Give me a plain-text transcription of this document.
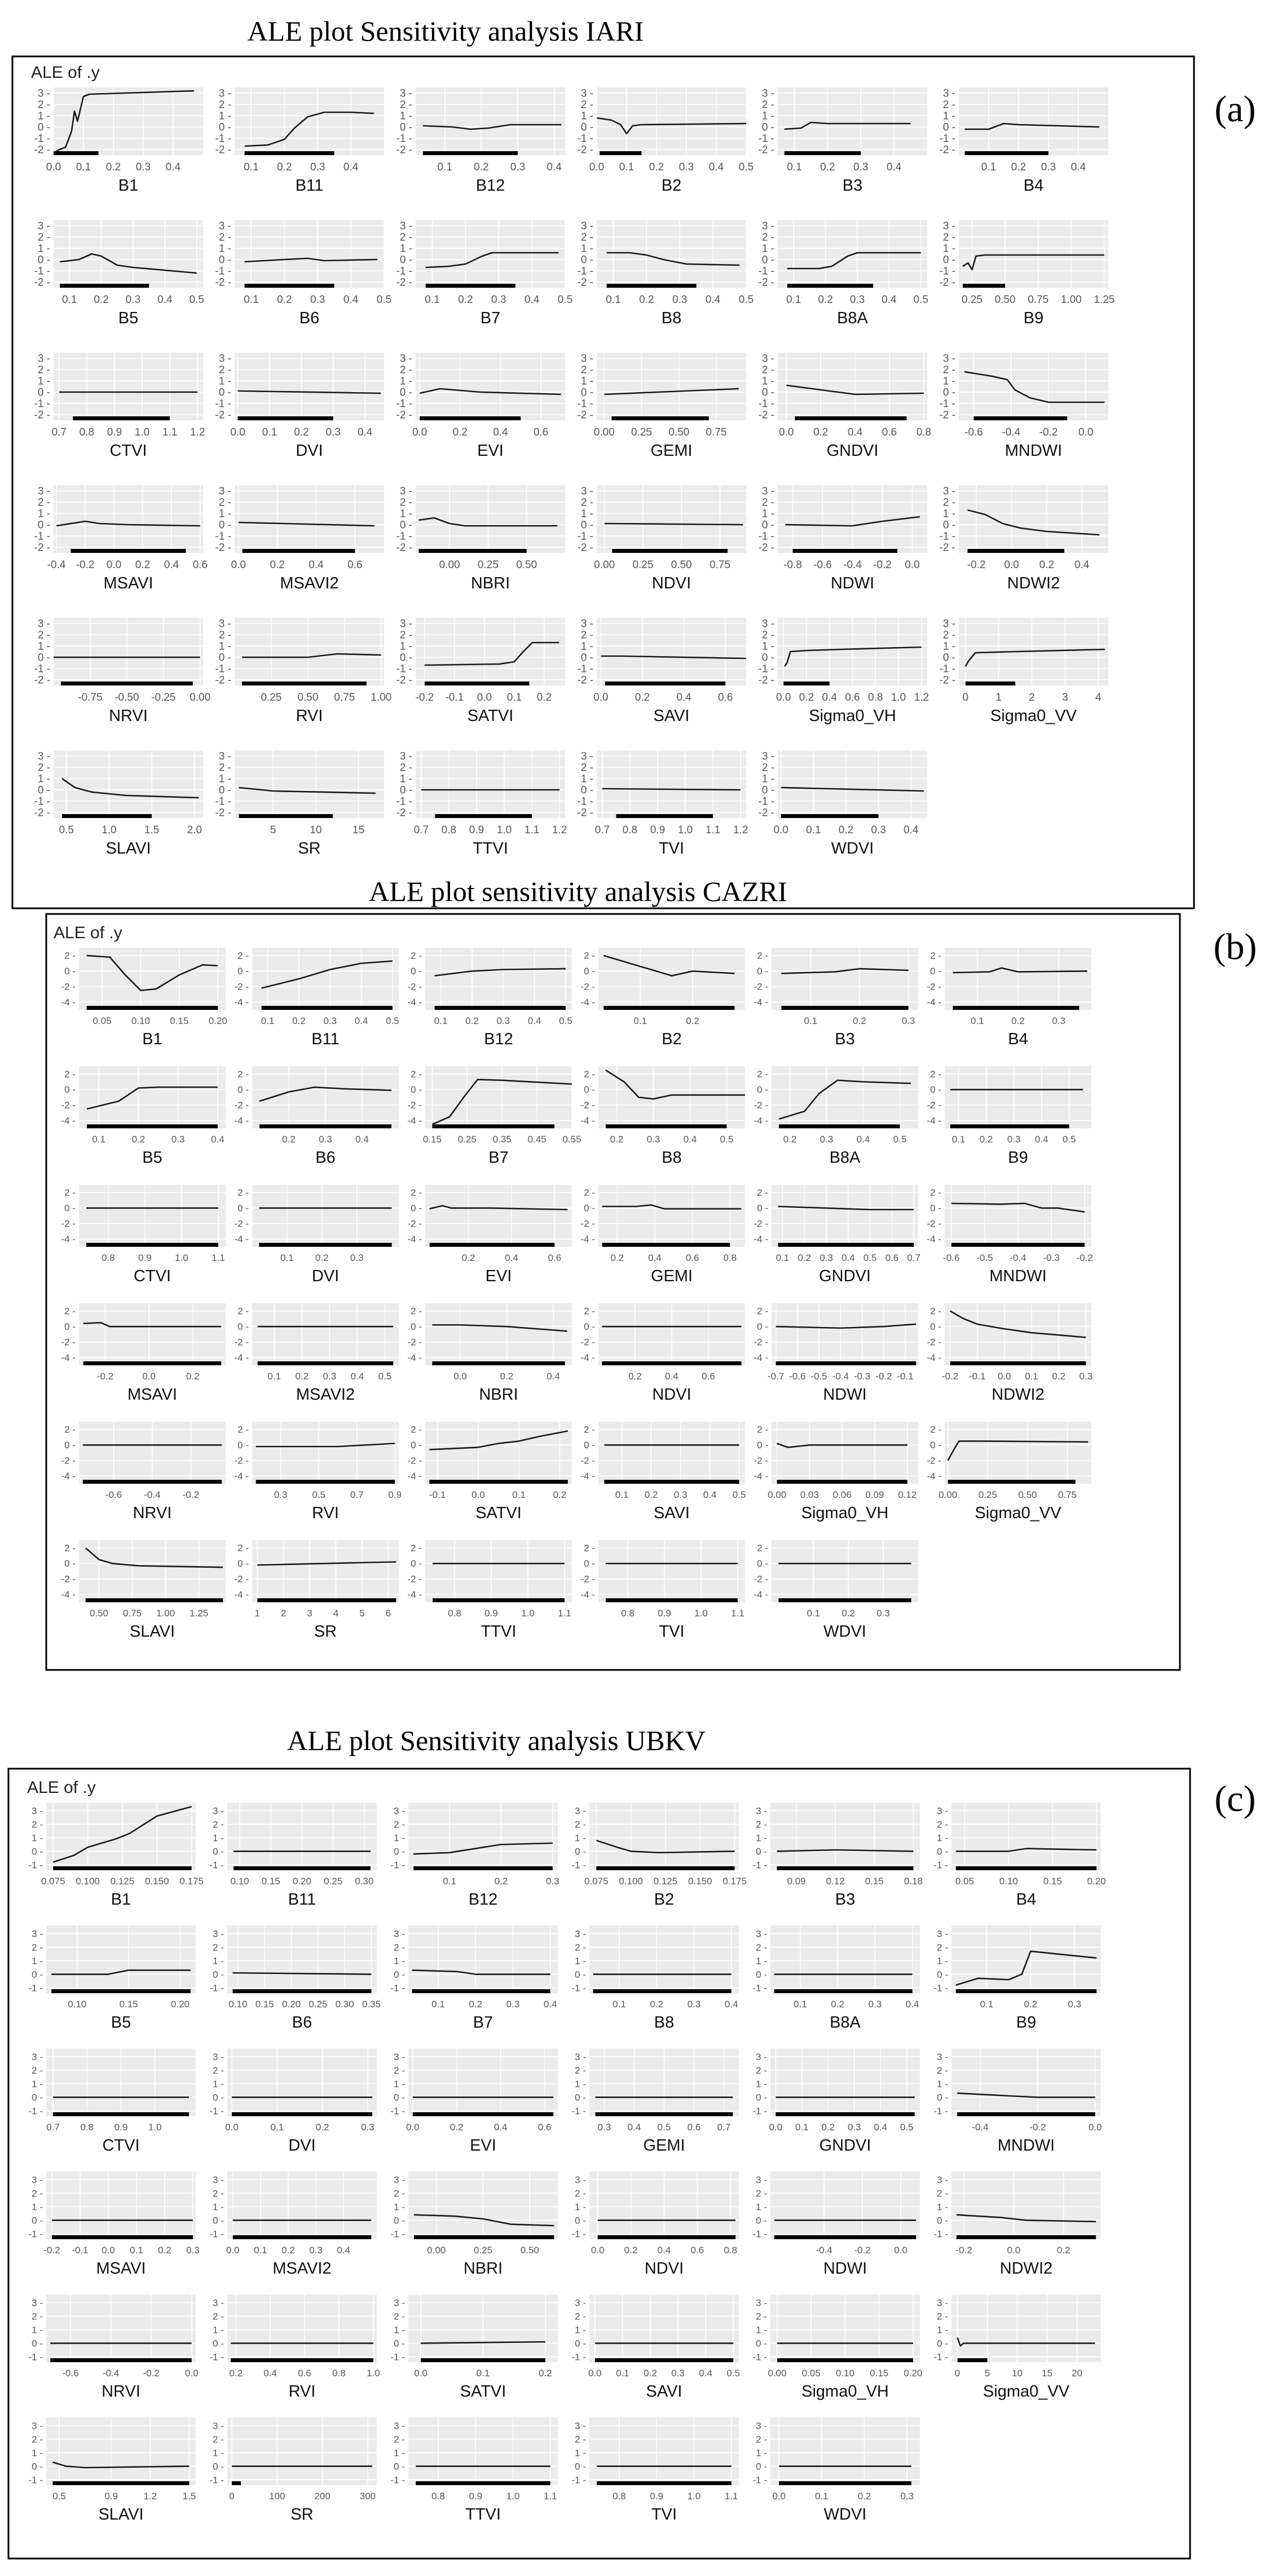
ALE plot Sensitivity analysis IARI
(a)
ALE of .y
3 -
2 -
1 -
0 -
-1 -
-2 -
0.0 0.1 0.2 0.3 0.4
B1
3 -
2 -
1 -
0 -
-1 -
-2 -
0.1 0.2 0.3 0.4
B11
3 -
2 -
1 -
0 -
-1 -
-2 -
0.1 0.2 0.3 0.4
B12
3 -
2 -
1 -
0 -
-1 -
-2 -
0.0 0.1 0.2 0.3 0.4 0.5
B2
3 -
2 -
1 -
0 -
-1 -
-2 -
0.1 0.2 0.3 0.4
B3
3 -
2 -
1 -
0 -
-1 -
-2 -
0.1 0.2 0.3 0.4
B4
3 -
2 -
1 -
0 -
-1 -
-2 -
0.1 0.2 0.3 0.4 0.5
B5
3 -
2 -
1 -
0 -
-1 -
-2 -
0.1 0.2 0.3 0.4 0.5
B6
3 -
2 -
1 -
0 -
-1 -
-2 -
0.1 0.2 0.3 0.4 0.5
B7
3 -
2 -
1 -
0 -
-1 -
-2 -
0.1 0.2 0.3 0.4 0.5
B8
3 -
2 -
1 -
0 -
-1 -
-2 -
0.1 0.2 0.3 0.4 0.5
B8A
3 -
2 -
1 -
0 -
-1 -
-2 -
0.25 0.50 0.75 1.00 1.25
B9
3 -
2 -
1 -
0 -
-1 -
-2 -
0.7 0.8 0.9 1.0 1.1 1.2
CTVI
3 -
2 -
1 -
0 -
-1 -
-2 -
0.0 0.1 0.2 0.3 0.4
DVI
3 -
2 -
1 -
0 -
-1 -
-2 -
0.0 0.2 0.4 0.6
EVI
3 -
2 -
1 -
0 -
-1 -
-2 -
0.00 0.25 0.50 0.75
GEMI
3 -
2 -
1 -
0 -
-1 -
-2 -
0.0 0.2 0.4 0.6 0.8
GNDVI
3 -
2 -
1 -
0 -
-1 -
-2 -
-0.6 -0.4 -0.2 0.0
MNDWI
3 -
2 -
1 -
0 -
-1 -
-2 -
-0.4 -0.2 0.0 0.2 0.4 0.6
MSAVI
3 -
2 -
1 -
0 -
-1 -
-2 -
0.0 0.2 0.4 0.6
MSAVI2
3 -
2 -
1 -
0 -
-1 -
-2 -
0.00 0.25 0.50
NBRI
3 -
2 -
1 -
0 -
-1 -
-2 -
0.00 0.25 0.50 0.75
NDVI
3 -
2 -
1 -
0 -
-1 -
-2 -
-0.8 -0.6 -0.4 -0.2 0.0
NDWI
3 -
2 -
1 -
0 -
-1 -
-2 -
-0.2 0.0 0.2 0.4
NDWI2
3 -
2 -
1 -
0 -
-1 -
-2 -
-0.75 -0.50 -0.25 0.00
NRVI
3 -
2 -
1 -
0 -
-1 -
-2 -
0.25 0.50 0.75 1.00
RVI
3 -
2 -
1 -
0 -
-1 -
-2 -
-0.2 -0.1 0.0 0.1 0.2
SATVI
3 -
2 -
1 -
0 -
-1 -
-2 -
0.0 0.2 0.4 0.6
SAVI
3 -
2 -
1 -
0 -
-1 -
-2 -
0.0 0.2 0.4 0.6 0.8 1.0 1.2
Sigma0_VH
3 -
2 -
1 -
0 -
-1 -
-2 -
0	1	2	3	4
Sigma0_VV
3 -
2 -
1 -
0 -
-1 -
-2 -
0.5	1.0	1.5	2.0
SLAVI
3 -
2 -
1 -
0 -
-1 -
-2 -
5	10	15
SR
3 -
2 -
1 -
0 -
-1 -
-2 -
0.7 0.8 0.9 1.0 1.1 1.2
TTVI
3 -
2 -
1 -
0 -
-1 -
-2 -
0.7 0.8 0.9 1.0 1.1 1.2
TVI
3 -
2 -
1 -
0 -
-1 -
-2 -
0.0 0.1 0.2 0.3 0.4
WDVI
ALE plot sensitivity analysis CAZRI
(b)
ALE of .y
2 -
0 -
-2 -
-4 -
0.05 0.10 0.15 0.20
B1
2 -
0 -
-2 -
-4 -
0.1 0.2 0.3 0.4 0.5
B11
2 -
0 -
-2 -
-4 -
0.1 0.2 0.3 0.4 0.5
B12
2 -
0 -
-2 -
-4 -
0.1	0.2
B2
2 -
0 -
-2 -
-4 -
0.1	0.2	0.3
B3
2 -
0 -
-2 -
-4 -
0.1	0.2	0.3
B4
2 -
0 -
-2 -
-4 -
0.1	0.2	0.3	0.4
B5
2 -
0 -
-2 -
-4 -
0.2 0.3 0.4
B6
2 -
0 -
-2 -
-4 -
0.15 0.25 0.35 0.45 0.55
B7
2 -
0 -
-2 -
-4 -
0.2 0.3 0.4 0.5
B8
2 -
0 -
-2 -
-4 -
0.2 0.3 0.4 0.5
B8A
2 -
0 -
-2 -
-4 -
0.1 0.2 0.3 0.4 0.5
B9
2 -
0 -
-2 -
-4 -
0.8 0.9 1.0 1.1
CTVI
2 -
0 -
-2 -
-4 -
0.1 0.2 0.3
DVI
2 -
0 -
-2 -
-4 -
0.2	0.4	0.6
EVI
2 -
0 -
-2 -
-4 -
0.2	0.4	0.6	0.8
GEMI
2 -
0 -
-2 -
-4 -
0.1 0.2 0.3 0.4 0.5 0.6 0.7
GNDVI
2 -
0 -
-2 -
-4 -
-0.6 -0.5 -0.4 -0.3 -0.2
MNDWI
2 -
0 -
-2 -
-4 -
-0.2	0.0	0.2
MSAVI
2 -
0 -
-2 -
-4 -
0.1 0.2 0.3 0.4 0.5
MSAVI2
2 -
0 -
-2 -
-4 -
0.0	0.2	0.4
NBRI
2 -
0 -
-2 -
-4 -
0.2 0.4 0.6
NDVI
2 -
0 -
-2 -
-4 -
-0.7 -0.6 -0.5 -0.4 -0.3 -0.2 -0.1
NDWI
2 -
0 -
-2 -
-4 -
-0.2 -0.1 0.0 0.1 0.2 0.3
NDWI2
2 -
0 -
-2 -
-4 -
-0.6 -0.4 -0.2
NRVI
2 -
0 -
-2 -
-4 -
0.3	0.5	0.7	0.9
RVI
2 -
0 -
-2 -
-4 -
-0.1	0.0	0.1	0.2
SATVI
2 -
0 -
-2 -
-4 -
0.1 0.2 0.3 0.4 0.5
SAVI
2 -
0 -
-2 -
-4 -
0.00 0.03 0.06 0.09 0.12
Sigma0_VH
2 -
0 -
-2 -
-4 -
0.00 0.25 0.50 0.75
Sigma0_VV
2 -
0 -
-2 -
-4 -
0.50 0.75 1.00 1.25
SLAVI
2 -
0 -
-2 -
-4 -
1 2 3 4 5 6
SR
2 -
0 -
-2 -
-4 -
0.8 0.9 1.0 1.1
TTVI
2 -
0 -
-2 -
-4 -
0.8 0.9 1.0 1.1
TVI
2 -
0 -
-2 -
-4 -
0.1 0.2 0.3
WDVI
ALE plot Sensitivity analysis UBKV
(c)
ALE of .y
3 -
2 -
1 -
0 -
-1 -
0.075 0.100 0.125 0.150 0.175
B1
3 -
2 -
1 -
0 -
-1 -
0.10 0.15 0.20 0.25 0.30
B11
3 -
2 -
1 -
0 -
-1 -
0.1	0.2	0.3
B12
3 -
2 -
1 -
0 -
-1 -
0.075 0.100 0.125 0.150 0.175
B2
3 -
2 -
1 -
0 -
-1 -
0.09 0.12 0.15 0.18
B3
3 -
2 -
1 -
0 -
-1 -
0.05	0.10	0.15	0.20
B4
3 -
2 -
1 -
0 -
-1 -
0.10	0.15	0.20
B5
3 -
2 -
1 -
0 -
-1 -
0.10 0.15 0.20 0.25 0.30 0.35
B6
3 -
2 -
1 -
0 -
-1 -
0.1	0.2	0.3	0.4
B7
3 -
2 -
1 -
0 -
-1 -
0.1	0.2	0.3	0.4
B8
3 -
2 -
1 -
0 -
-1 -
0.1	0.2	0.3	0.4
B8A
3 -
2 -
1 -
0 -
-1 -
0.1	0.2	0.3
B9
3 -
2 -
1 -
0 -
-1 -
0.7 0.8 0.9 1.0
CTVI
3 -
2 -
1 -
0 -
-1 -
0.0	0.1	0.2	0.3
DVI
3 -
2 -
1 -
0 -
-1 -
0.0	0.2	0.4	0.6
EVI
3 -
2 -
1 -
0 -
-1 -
0.3 0.4 0.5 0.6 0.7
GEMI
3 -
2 -
1 -
0 -
-1 -
0.0 0.1 0.2 0.3 0.4 0.5
GNDVI
3 -
2 -
1 -
0 -
-1 -
-0.4	-0.2	0.0
MNDWI
3 -
2 -
1 -
0 -
-1 -
-0.2 -0.1 0.0 0.1 0.2 0.3
MSAVI
3 -
2 -
1 -
0 -
-1 -
0.0 0.1 0.2 0.3 0.4
MSAVI2
3 -
2 -
1 -
0 -
-1 -
0.00	0.25	0.50
NBRI
3 -
2 -
1 -
0 -
-1 -
0.0 0.2 0.4 0.6 0.8
NDVI
3 -
2 -
1 -
0 -
-1 -
-0.4 -0.2 0.0
NDWI
3 -
2 -
1 -
0 -
-1 -
-0.2	0.0	0.2
NDWI2
3 -
2 -
1 -
0 -
-1 -
-0.6 -0.4 -0.2	0.0
NRVI
3 -
2 -
1 -
0 -
-1 -
0.2 0.4 0.6 0.8 1.0
RVI
3 -
2 -
1 -
0 -
-1 -
0.0	0.1	0.2
SATVI
3 -
2 -
1 -
0 -
-1 -
0.0 0.1 0.2 0.3 0.4 0.5
SAVI
3 -
2 -
1 -
0 -
-1 -
0.00 0.05 0.10 0.15 0.20
Sigma0_VH
3 -
2 -
1 -
0 -
-1 -
0	5 10 15 20
Sigma0_VV
3 -
2 -
1 -
0 -
-1 -
0.5	0.9	1.2	1.5
SLAVI
3 -
2 -
1 -
0 -
-1 -
0	100	200	300
SR
3 -
2 -
1 -
0 -
-1 -
0.8	0.9	1.0	1.1
TTVI
3 -
2 -
1 -
0 -
-1 -
0.8	0.9	1.0	1.1
TVI
3 -
2 -
1 -
0 -
-1 -
0.0	0.1	0.2	0.3
WDVI
